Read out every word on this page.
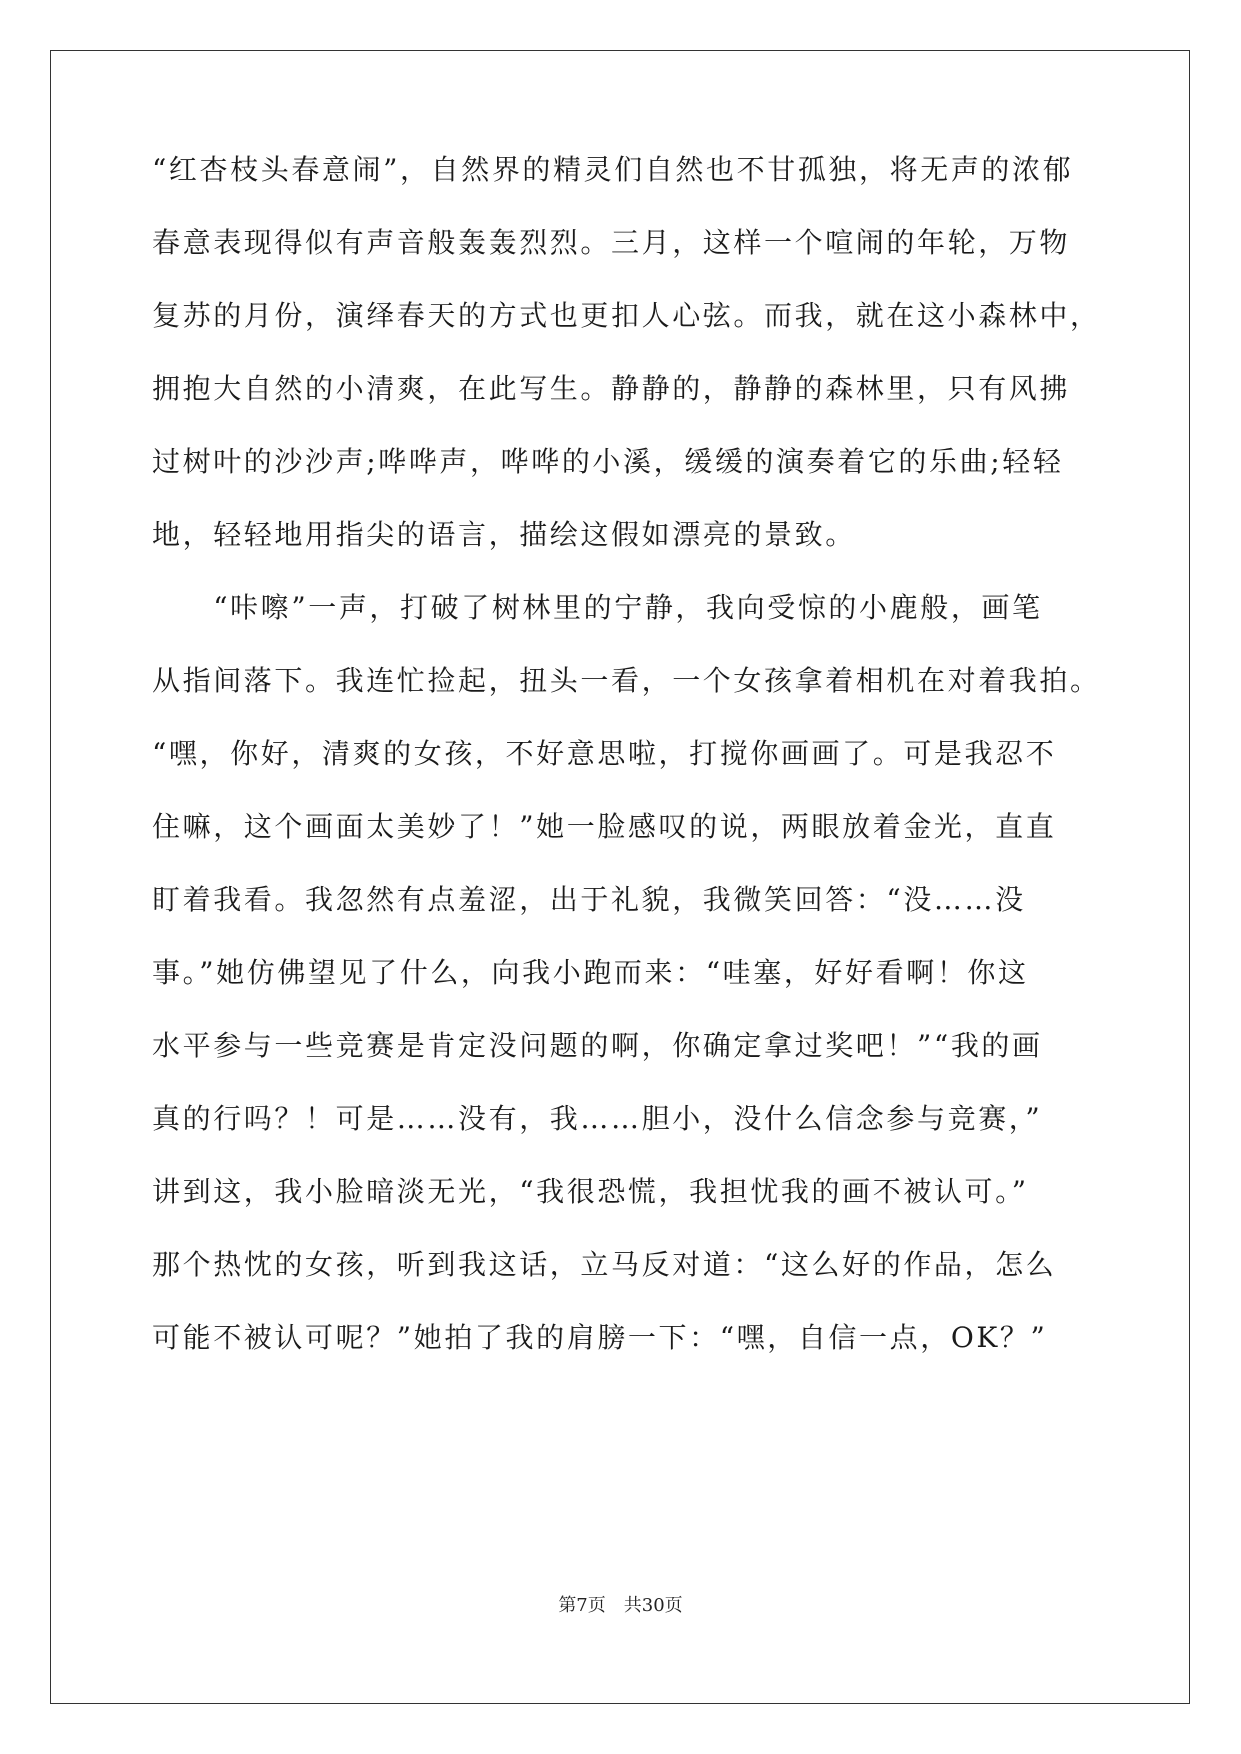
“红杏枝头春意闹”，自然界的精灵们自然也不甘孤独，将无声的浓郁
春意表现得似有声音般轰轰烈烈。三月，这样一个喧闹的年轮，万物
复苏的月份，演绎春天的方式也更扣人心弦。而我，就在这小森林中，
拥抱大自然的小清爽，在此写生。静静的，静静的森林里，只有风拂
过树叶的沙沙声;哗哗声，哗哗的小溪，缓缓的演奏着它的乐曲;轻轻
地，轻轻地用指尖的语言，描绘这假如漂亮的景致。
　　“咔嚓”一声，打破了树林里的宁静，我向受惊的小鹿般，画笔
从指间落下。我连忙捡起，扭头一看，一个女孩拿着相机在对着我拍。
“嘿，你好，清爽的女孩，不好意思啦，打搅你画画了。可是我忍不
住嘛，这个画面太美妙了！”她一脸感叹的说，两眼放着金光，直直
盯着我看。我忽然有点羞涩，出于礼貌，我微笑回答：“没……没
事。”她仿佛望见了什么，向我小跑而来：“哇塞，好好看啊！你这
水平参与一些竞赛是肯定没问题的啊，你确定拿过奖吧！”“我的画
真的行吗？！可是……没有，我……胆小，没什么信念参与竞赛，”
讲到这，我小脸暗淡无光，“我很恐慌，我担忧我的画不被认可。”
那个热忱的女孩，听到我这话，立马反对道：“这么好的作品，怎么
可能不被认可呢？”她拍了我的肩膀一下：“嘿，自信一点，OK？”
第7页 共30页
